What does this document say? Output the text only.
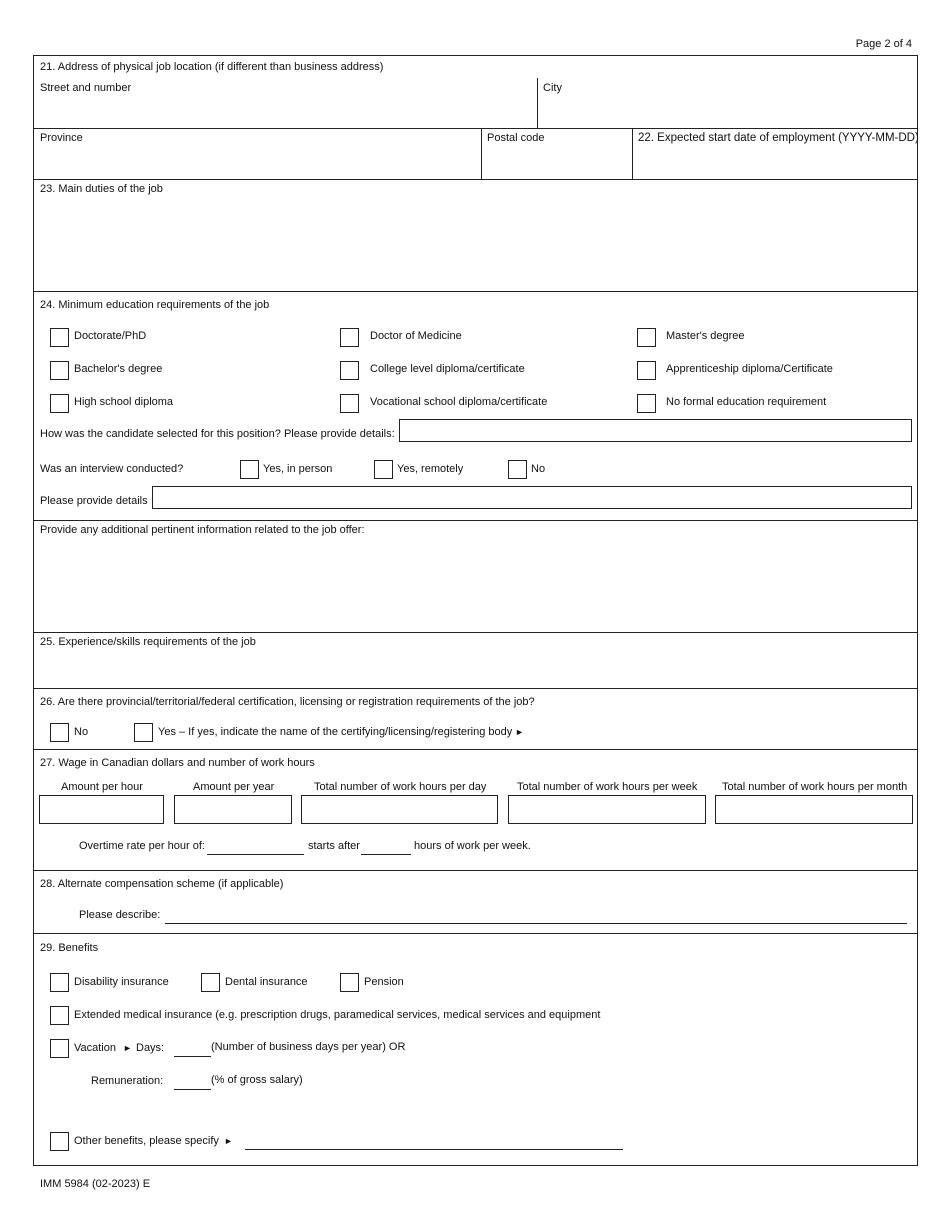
Page 2 of 4
21. Address of physical job location (if different than business address)
Street and number	City
Province	Postal code	22. Expected start date of employment (YYYY-MM-DD)
23. Main duties of the job
24. Minimum education requirements of the job
Doctorate/PhD	Doctor of Medicine	Master's degree
Bachelor's degree	College level diploma/certificate	Apprenticeship diploma/Certificate
High school diploma	Vocational school diploma/certificate	No formal education requirement
How was the candidate selected for this position? Please provide details:
Was an interview conducted?	Yes, in person	Yes, remotely	No
Please provide details
Provide any additional pertinent information related to the job offer:
25. Experience/skills requirements of the job
26. Are there provincial/territorial/federal certification, licensing or registration requirements of the job?
No	Yes – If yes, indicate the name of the certifying/licensing/registering body ►
27. Wage in Canadian dollars and number of work hours
Amount per hour	Amount per year	Total number of work hours per day	Total number of work hours per week Total number of work hours per month
Overtime rate per hour of:	starts after	hours of work per week.
28. Alternate compensation scheme (if applicable)
Please describe:
29. Benefits
Disability insurance	Dental insurance	Pension
Extended medical insurance (e.g. prescription drugs, paramedical services, medical services and equipment
Vacation ► Days:	(Number of business days per year) OR
Remuneration:	(% of gross salary)
Other benefits, please specify ►
IMM 5984 (02-2023) E
